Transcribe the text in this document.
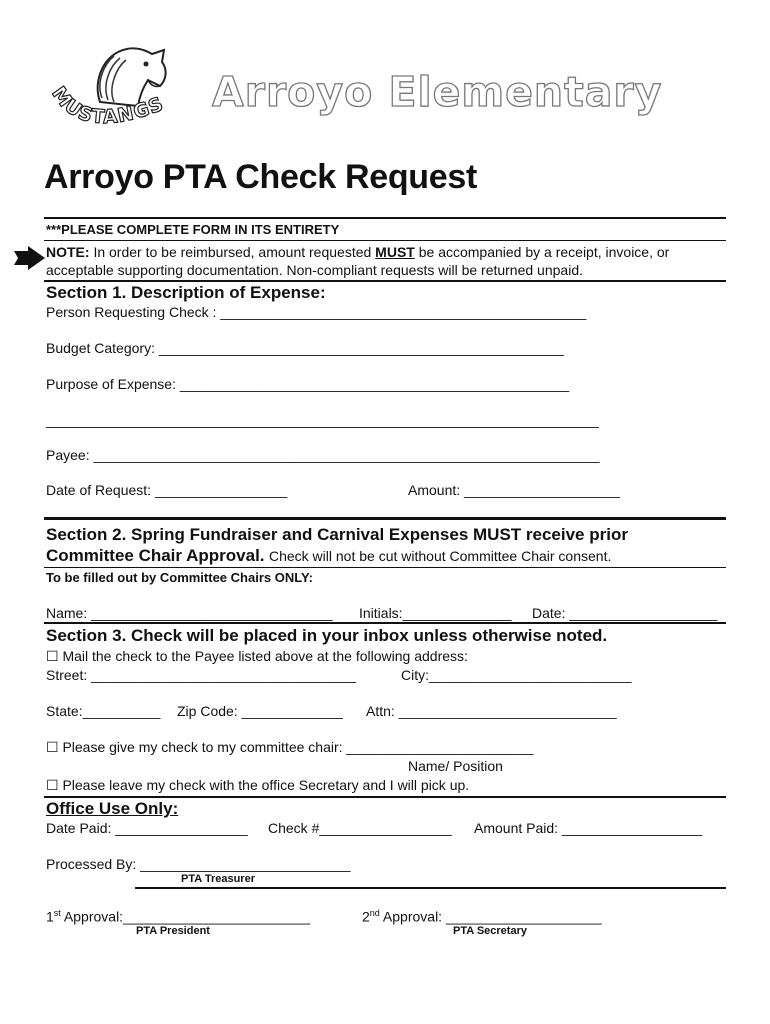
MUSTANGS Arroyo Elementary
Arroyo PTA Check Request
***PLEASE COMPLETE FORM IN ITS ENTIRETY
NOTE: In order to be reimbursed, amount requested MUST be accompanied by a receipt, invoice, or
acceptable supporting documentation. Non-compliant requests will be returned unpaid.
Section 1. Description of Expense:
Person Requesting Check : _______________________________________________
Budget Category: ____________________________________________________
Purpose of Expense: __________________________________________________
_______________________________________________________________________
Payee: _________________________________________________________________
Date of Request: _________________	Amount: ____________________
Section 2. Spring Fundraiser and Carnival Expenses MUST receive prior
Committee Chair Approval. Check will not be cut without Committee Chair consent.
To be filled out by Committee Chairs ONLY:
Name: _______________________________ Initials:______________ Date: ___________________
Section 3. Check will be placed in your inbox unless otherwise noted.
☐ Mail the check to the Payee listed above at the following address:
Street: __________________________________	City:__________________________
State:__________ Zip Code: _____________ Attn: ____________________________
☐ Please give my check to my committee chair: ________________________
Name/ Position
☐ Please leave my check with the office Secretary and I will pick up.
Office Use Only:
Date Paid: _________________ Check #_________________ Amount Paid: __________________
Processed By: ___________________________
PTA Treasurer
1st Approval:________________________
PTA President
2nd Approval: ____________________
PTA Secretary
